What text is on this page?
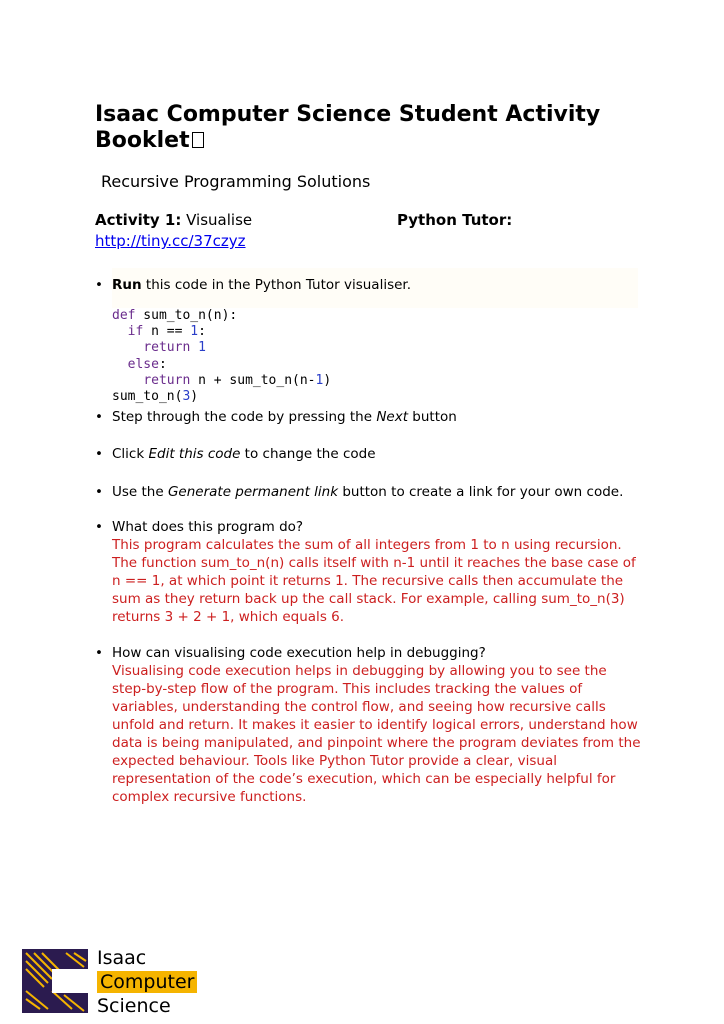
Isaac Computer Science Student Activity Booklet

Recursive Programming Solutions

Activity 1: Visualise	Python Tutor:
http://tiny.cc/37czyz
• Run this code in the Python Tutor visualiser.
def sum_to_n(n):
if n == 1:
return 1
else:
return n + sum_to_n(n-1)
sum_to_n(3)
• Step through the code by pressing the Next button
• Click Edit this code to change the code
• Use the Generate permanent link button to create a link for your own code.
• What does this program do?
This program calculates the sum of all integers from 1 to n using recursion. The function sum_to_n(n) calls itself with n-1 until it reaches the base case of n == 1, at which point it returns 1. The recursive calls then accumulate the sum as they return back up the call stack. For example, calling sum_to_n(3) returns 3 + 2 + 1, which equals 6.
• How can visualising code execution help in debugging?
Visualising code execution helps in debugging by allowing you to see the step-by-step flow of the program. This includes tracking the values of variables, understanding the control flow, and seeing how recursive calls unfold and return. It makes it easier to identify logical errors, understand how data is being manipulated, and pinpoint where the program deviates from the expected behaviour. Tools like Python Tutor provide a clear, visual representation of the code’s execution, which can be especially helpful for complex recursive functions.
Isaac
Computer
Science
